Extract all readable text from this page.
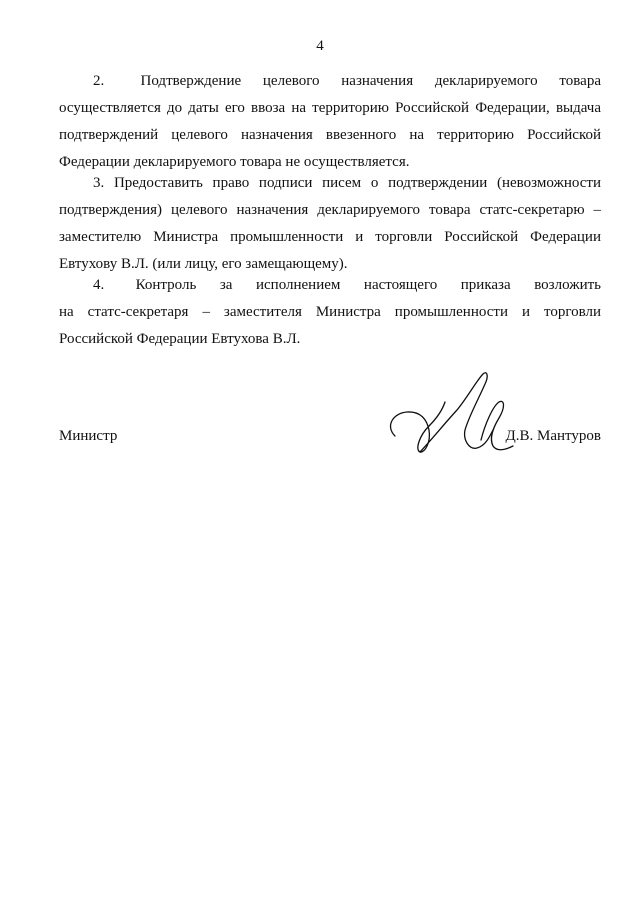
4
2.     Подтверждение   целевого   назначения   декларируемого   товара
осуществляется до даты его ввоза на территорию Российской Федерации, выдача
подтверждений целевого назначения ввезенного на территорию Российской
Федерации декларируемого товара не осуществляется.
3. Предоставить право подписи писем о подтверждении (невозможности
подтверждения) целевого назначения декларируемого товара статс-секретарю –
заместителю Министра промышленности и торговли Российской Федерации
Евтухову В.Л. (или лицу, его замещающему).
4.    Контроль   за   исполнением   настоящего   приказа   возложить
на статс-секретаря – заместителя Министра промышленности и торговли
Российской Федерации Евтухова В.Л.
Министр	Д.В. Мантуров
